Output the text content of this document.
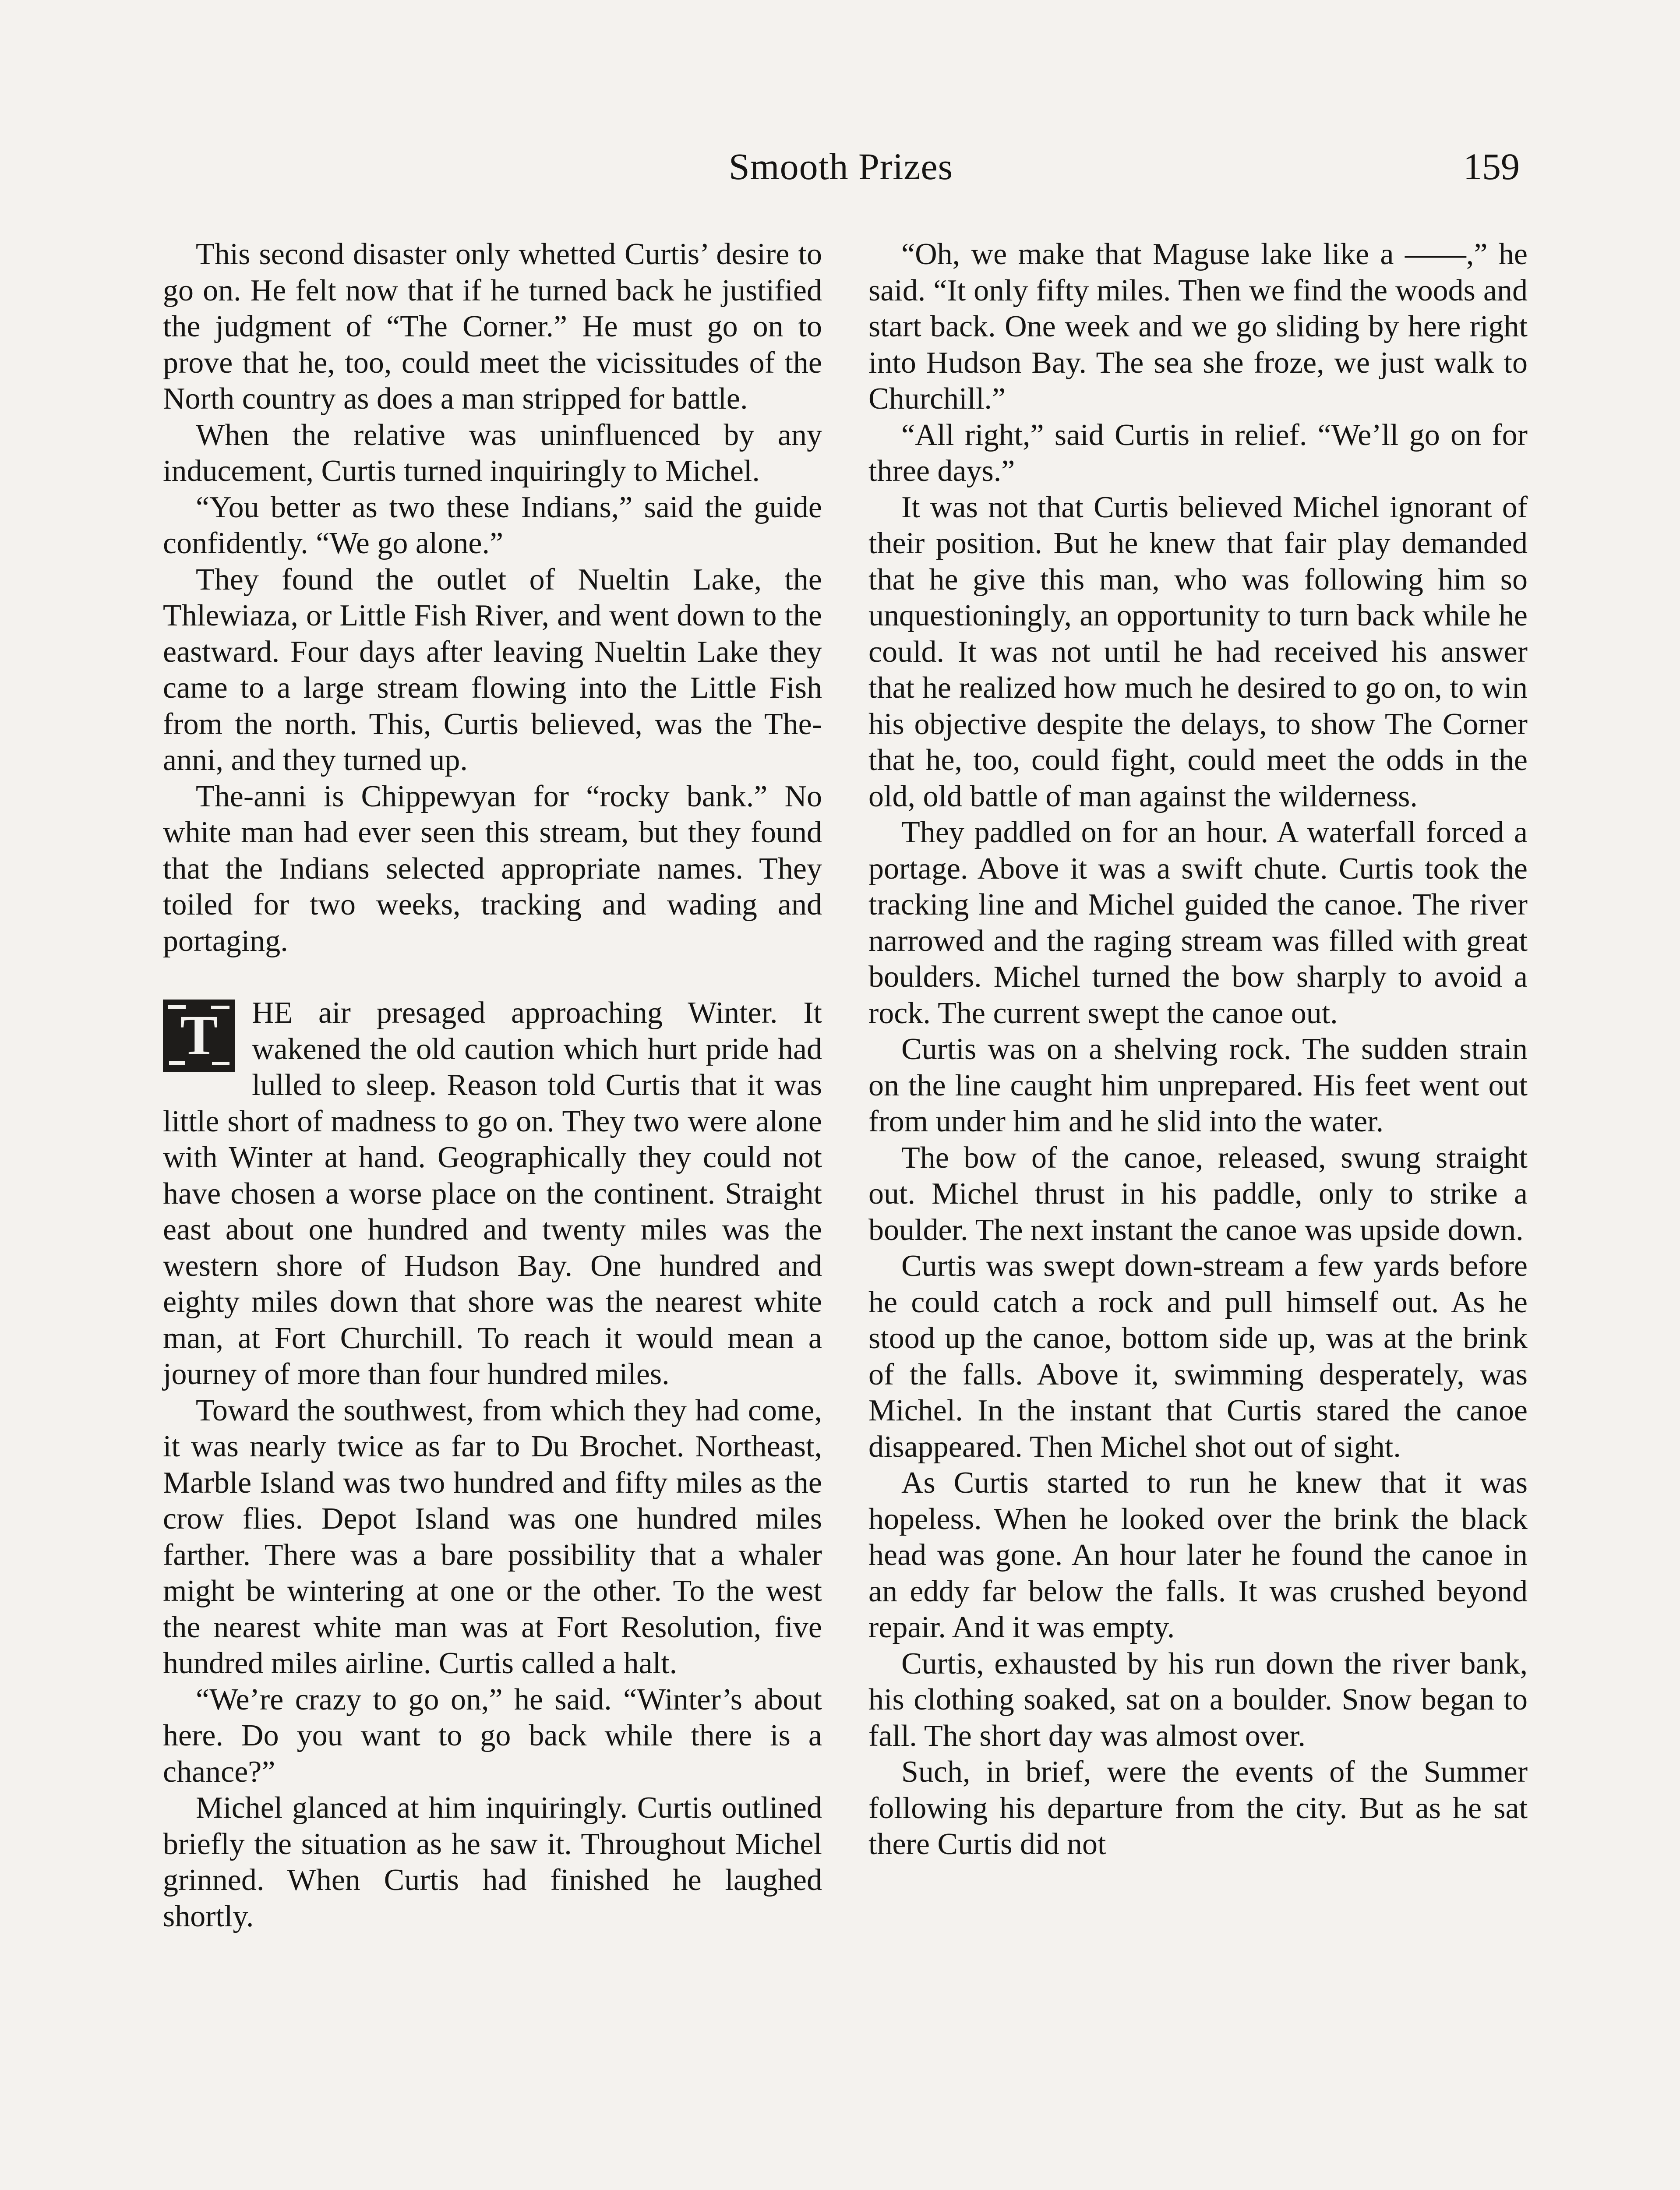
Smooth Prizes	159

This second disaster only whetted Curtis’ desire to go on. He felt now that if he turned back he justified the judgment of “The Corner.” He must go on to prove that he, too, could meet the vicissitudes of the North country as does a man stripped for battle.

When the relative was uninfluenced by any inducement, Curtis turned inquiringly to Michel.

“You better as two these Indians,” said the guide confidently. “We go alone.”

They found the outlet of Nueltin Lake, the Thlewiaza, or Little Fish River, and went down to the eastward. Four days after leaving Nueltin Lake they came to a large stream flowing into the Little Fish from the north. This, Curtis believed, was the The-anni, and they turned up.

The-anni is Chippewyan for “rocky bank.” No white man had ever seen this stream, but they found that the Indians selected appropriate names. They toiled for two weeks, tracking and wading and portaging.

T	HE air presaged approaching Winter. It wakened the old caution which hurt pride had lulled to sleep. Reason told Curtis that it was little short of madness to go on. They two were alone with Winter at hand. Geographically they could not have chosen a worse place on the continent. Straight east about one hundred and twenty miles was the western shore of Hudson Bay. One hundred and eighty miles down that shore was the nearest white man, at Fort Churchill. To reach it would mean a journey of more than four hundred miles.

Toward the southwest, from which they had come, it was nearly twice as far to Du Brochet. Northeast, Marble Island was two hundred and fifty miles as the crow flies. Depot Island was one hundred miles farther. There was a bare possibility that a whaler might be wintering at one or the other. To the west the nearest white man was at Fort Resolution, five hundred miles airline. Curtis called a halt.

“We’re crazy to go on,” he said. “Winter’s about here. Do you want to go back while there is a chance?”

Michel glanced at him inquiringly. Curtis outlined briefly the situation as he saw it. Throughout Michel grinned. When Curtis had finished he laughed shortly.

“Oh, we make that Maguse lake like a ——,” he said. “It only fifty miles. Then we find the woods and start back. One week and we go sliding by here right into Hudson Bay. The sea she froze, we just walk to Churchill.”

“All right,” said Curtis in relief. “We’ll go on for three days.”

It was not that Curtis believed Michel ignorant of their position. But he knew that fair play demanded that he give this man, who was following him so unquestioningly, an opportunity to turn back while he could. It was not until he had received his answer that he realized how much he desired to go on, to win his objective despite the delays, to show The Corner that he, too, could fight, could meet the odds in the old, old battle of man against the wilderness.

They paddled on for an hour. A waterfall forced a portage. Above it was a swift chute. Curtis took the tracking line and Michel guided the canoe. The river narrowed and the raging stream was filled with great boulders. Michel turned the bow sharply to avoid a rock. The current swept the canoe out.

Curtis was on a shelving rock. The sudden strain on the line caught him unprepared. His feet went out from under him and he slid into the water.

The bow of the canoe, released, swung straight out. Michel thrust in his paddle, only to strike a boulder. The next instant the canoe was upside down.

Curtis was swept down-stream a few yards before he could catch a rock and pull himself out. As he stood up the canoe, bottom side up, was at the brink of the falls. Above it, swimming desperately, was Michel. In the instant that Curtis stared the canoe disappeared. Then Michel shot out of sight.

As Curtis started to run he knew that it was hopeless. When he looked over the brink the black head was gone. An hour later he found the canoe in an eddy far below the falls. It was crushed beyond repair. And it was empty.

Curtis, exhausted by his run down the river bank, his clothing soaked, sat on a boulder. Snow began to fall. The short day was almost over.

Such, in brief, were the events of the Summer following his departure from the city. But as he sat there Curtis did not
